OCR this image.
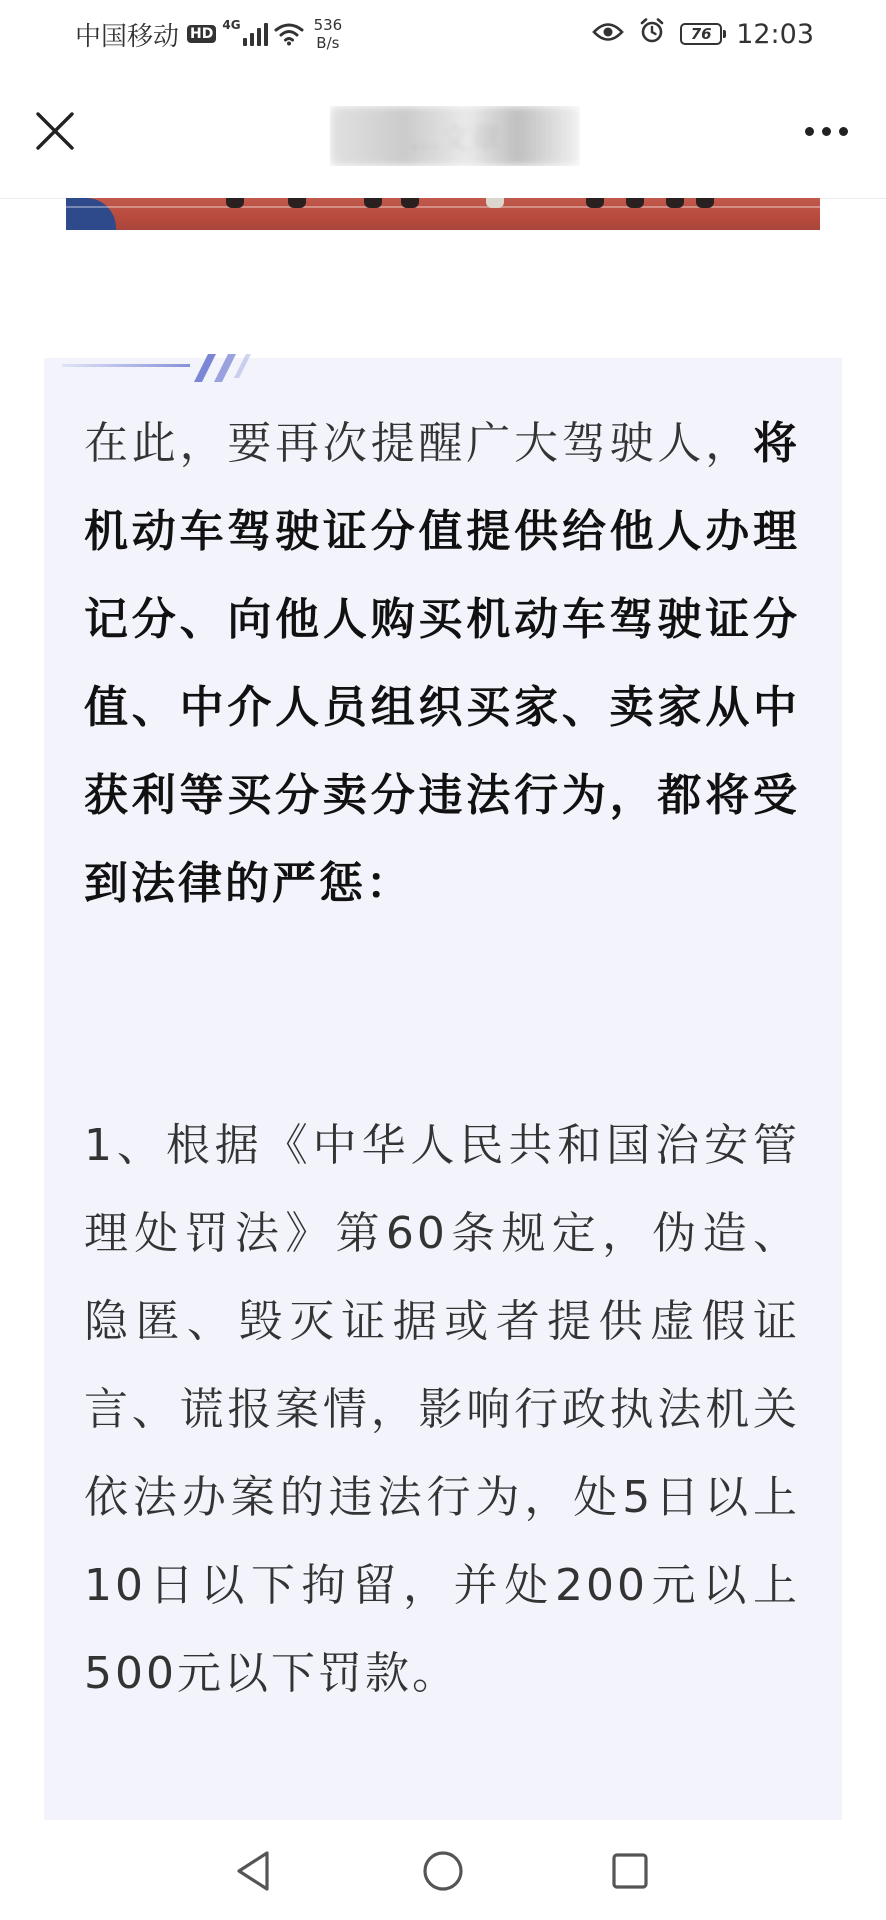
中国移动 HD
4G	536
B/s	76 12:03
在此，要再次提醒广大驾驶人，将机动车驾驶证分值提供给他人办理记分、向他人购买机动车驾驶证分值、中介人员组织买家、卖家从中获利等买分卖分违法行为，都将受到法律的严惩：
1、根据《中华人民共和国治安管理处罚法》第60条规定，伪造、隐匿、毁灭证据或者提供虚假证言、谎报案情，影响行政执法机关依法办案的违法行为，处5日以上10日以下拘留，并处200元以上500元以下罚款。
